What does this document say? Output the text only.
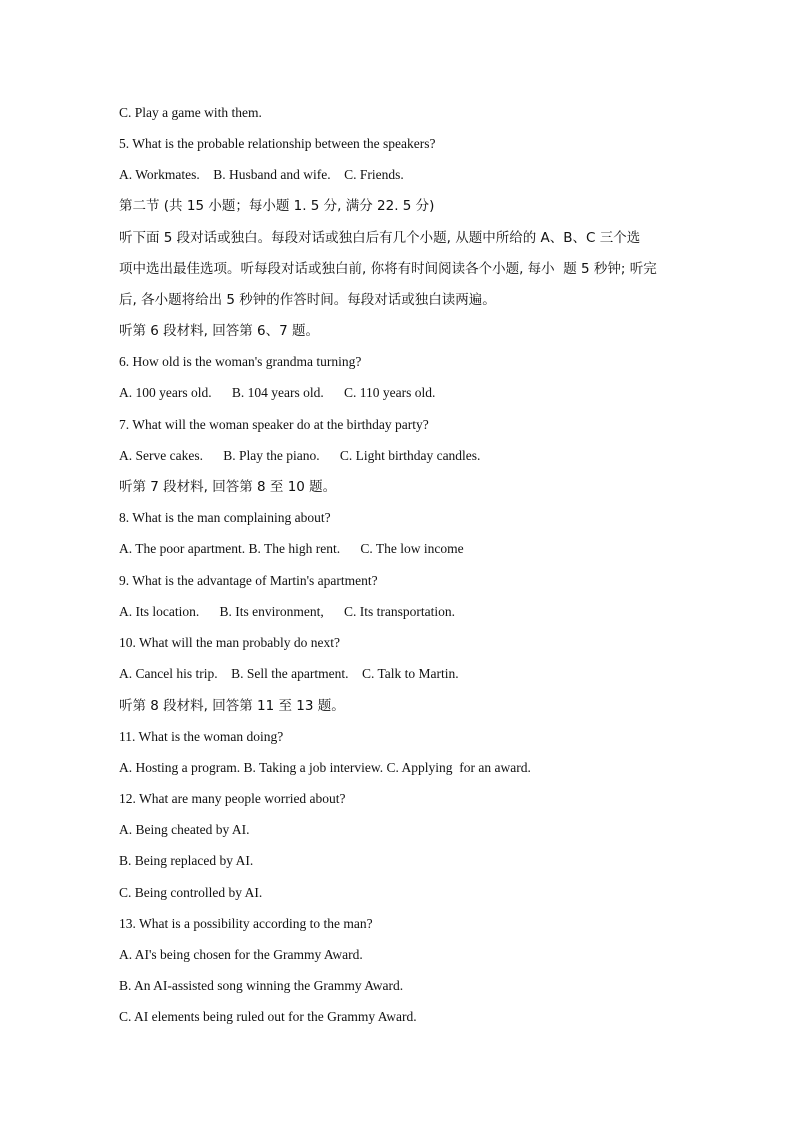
C. Play a game with them.
5. What is the probable relationship between the speakers?
A. Workmates.    B. Husband and wife.    C. Friends.
第二节 (共 15 小题；每小题 1. 5 分, 满分 22. 5 分)
听下面 5 段对话或独白。每段对话或独白后有几个小题, 从题中所给的 A、B、C 三个选
项中选出最佳选项。听每段对话或独白前, 你将有时间阅读各个小题, 每小  题 5 秒钟; 听完
后, 各小题将给出 5 秒钟的作答时间。每段对话或独白读两遍。
听第 6 段材料, 回答第 6、7 题。
6. How old is the woman's grandma turning?
A. 100 years old.      B. 104 years old.      C. 110 years old.
7. What will the woman speaker do at the birthday party?
A. Serve cakes.      B. Play the piano.      C. Light birthday candles.
听第 7 段材料, 回答第 8 至 10 题。
8. What is the man complaining about?
A. The poor apartment. B. The high rent.      C. The low income
9. What is the advantage of Martin's apartment?
A. Its location.      B. Its environment,      C. Its transportation.
10. What will the man probably do next?
A. Cancel his trip.    B. Sell the apartment.    C. Talk to Martin.
听第 8 段材料, 回答第 11 至 13 题。
11. What is the woman doing?
A. Hosting a program. B. Taking a job interview. C. Applying  for an award.
12. What are many people worried about?
A. Being cheated by AI.
B. Being replaced by AI.
C. Being controlled by AI.
13. What is a possibility according to the man?
A. AI's being chosen for the Grammy Award.
B. An AI-assisted song winning the Grammy Award.
C. AI elements being ruled out for the Grammy Award.
